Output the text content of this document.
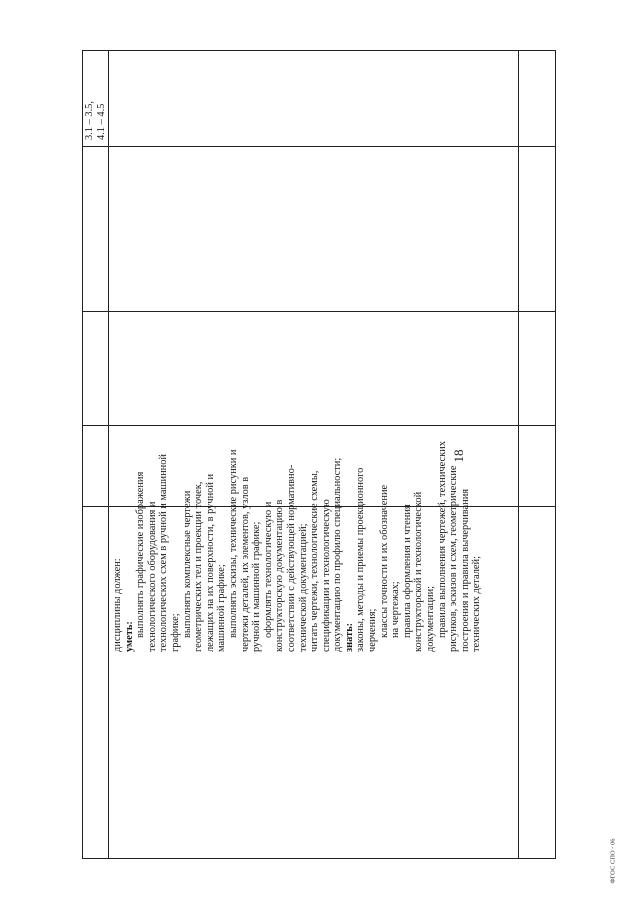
18
ФГОС СПО - 06
дисциплины должен: уметь: выполнять графические изображения технологического оборудования и технологических схем в ручной и машинной графике; выполнять комплексные чертежи геометрических тел и проекции точек, лежащих на их поверхности, в ручной и машинной графике; выполнять эскизы, технические рисунки и чертежи деталей, их элементов, узлов в ручной и машинной графике; оформлять технологическую и конструкторскую документацию в соответствии с действующей нормативно- технической документацией; читать чертежи, технологические схемы, спецификации и технологическую документацию по профилю специальности; знать: законы, методы и приемы проекционного черчения; классы точности и их обозначение на чертежах; правила оформления и чтения конструкторской и технологической документации; правила выполнения чертежей, технических рисунков, эскизов и схем, геометрические построения и правила вычерчивания технических деталей;
3.1 – 3.5, 4.1 – 4.5
